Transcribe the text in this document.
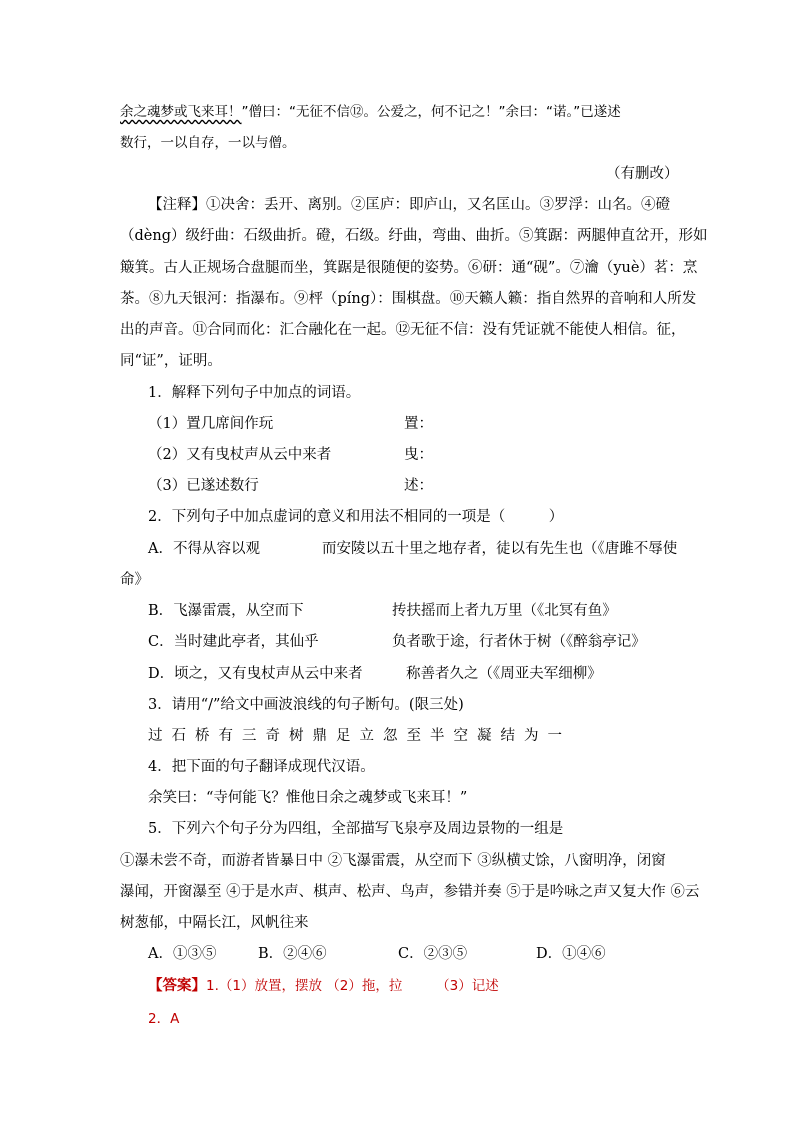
余之魂梦或飞来耳！”僧曰：“无征不信⑫。公爱之，何不记之！”余曰：“诺。”已遂述
数行，一以自存，一以与僧。
（有删改）
【注释】①决舍：丢开、离别。②匡庐：即庐山，又名匡山。③罗浮：山名。④磴
（dèng）级纡曲：石级曲折。磴，石级。纡曲，弯曲、曲折。⑤箕踞：两腿伸直岔开，形如
簸箕。古人正规场合盘腿而坐，箕踞是很随便的姿势。⑥研：通“砚”。⑦瀹（yuè）茗：烹
茶。⑧九天银河：指瀑布。⑨枰（píng）：围棋盘。⑩天籁人籁：指自然界的音响和人所发
出的声音。⑪合同而化：汇合融化在一起。⑫无征不信：没有凭证就不能使人相信。征，
同“证”，证明。
1．解释下列句子中加点的词语。
（1）置几席间作玩	置：
（2）又有曳杖声从云中来者	曳：
（3）已遂述数行	述：
2．下列句子中加点虚词的意义和用法不相同的一项是（　　　）
A．不得从容以观	而安陵以五十里之地存者，徒以有先生也（《唐雎不辱使
命》
B．飞瀑雷震，从空而下	抟扶摇而上者九万里（《北冥有鱼》
C．当时建此亭者，其仙乎	负者歌于途，行者休于树（《醉翁亭记》
D．顷之，又有曳杖声从云中来者	称善者久之（《周亚夫军细柳》
3．请用“/”给文中画波浪线的句子断句。(限三处)
过石桥有三奇树鼎足立忽至半空凝结为一
4．把下面的句子翻译成现代汉语。
余笑曰：“寺何能飞？惟他日余之魂梦或飞来耳！”
5．下列六个句子分为四组，全部描写飞泉亭及周边景物的一组是
①瀑未尝不奇，而游者皆暴日中 ②飞瀑雷震，从空而下 ③纵横丈馀，八窗明净，闭窗
瀑闻，开窗瀑至 ④于是水声、棋声、松声、鸟声，参错并奏 ⑤于是吟咏之声又复大作 ⑥云
树葱郁，中隔长江，风帆往来
A．①③⑤	B．②④⑥	C．②③⑤	D．①④⑥
【答案】1.（1）放置，摆放 （2）拖，拉　　　（3）记述
2．A
